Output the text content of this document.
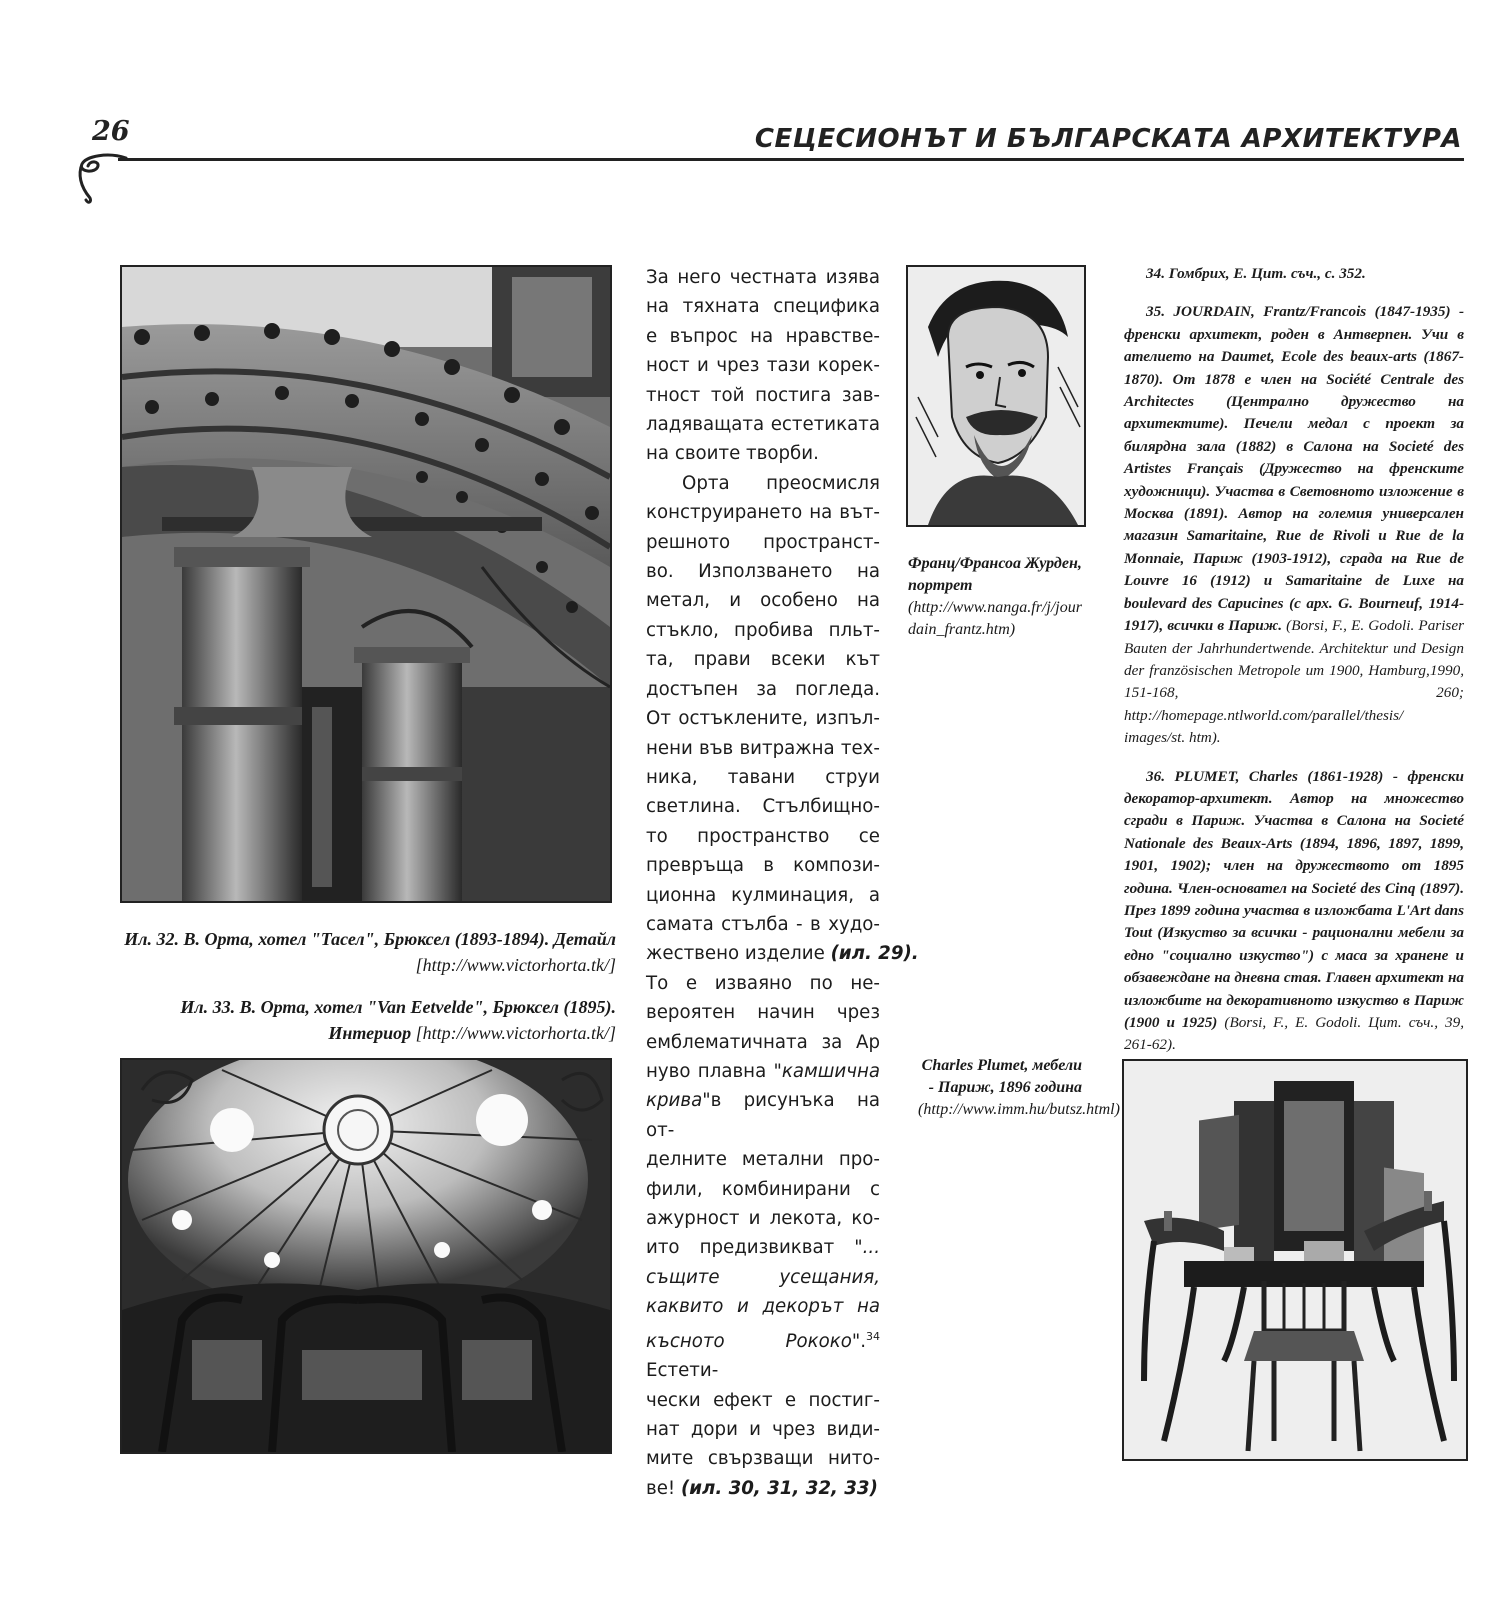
26	СЕЦЕСИОНЪТ И БЪЛГАРСКАТА АРХИТЕКТУРА
Ил. 32. В. Орта, хотел "Тасел", Брюксел (1893-1894). Детайл [http://www.victorhorta.tk/]
Ил. 33. В. Орта, хотел "Van Eetvelde", Брюксел (1895). Интериор [http://www.victorhorta.tk/]

За него честната изява
на тяхната специфика
е въпрос на нравстве-
ност и чрез тази корек-
тност той постига зав-
ладяващата естетиката
на своите творби.

Орта преосмисля
конструирането на вът-
решното пространст-
во. Използването на
метал, и особено на
стъкло, пробива пльт-
та, прави всеки кът
достъпен за погледа.
От остъклените, изпъл-
нени във витражна тех-
ника, тавани струи
светлина. Стълбищно-
то пространство се
превръща в компози-
ционна кулминация, а
самата стълба - в худо-
жествено изделие (ил. 29).
То е изваяно по не-
вероятен начин чрез
емблематичната за Ар
нуво плавна "камшична крива"в рисунъка на от-
делните метални про-
фили, комбинирани с
ажурност и лекота, ко-
ито предизвикват "... същите усещания, каквито и декорът на късното Рококо".$^{34}$ Естети-
чески ефект е постиг-
нат дори и чрез види-
мите свързващи нито-
ве! (ил. 30, 31, 32, 33)

Франц/Франсоа Журден, портрет
(http://www.nanga.fr/j/jourdain_frantz.htm)

34. Гомбрих, Е. Цит. съч., с. 352.

35. JOURDAIN, Frantz/Francois (1847-1935) - френски архитект, роден в Антверпен. Учи в ателиeто на Daumet, Ecole des beaux-arts (1867-1870). От 1878 е член на Société Centrale des Architectes (Централно дружество на архитектите). Печели медал с проект за билярдна зала (1882) в Салона на Societé des Artistes Français (Дружество на френските художници). Участва в Световното изложение в Москва (1891). Автор на големия универсален магазин Samaritaine, Rue de Rivoli и Rue de la Monnaie, Париж (1903-1912), сграда на Rue de Louvre 16 (1912) и Samaritaine de Luxe на boulevard des Capucines (с арх. G. Bourneuf, 1914-1917), всички в Париж. (Borsi, F., E. Godoli. Pariser Bauten der Jahrhundertwende. Architektur und Design der französischen Metropole um 1900, Hamburg,1990, 151-168, 260; http://homepage.ntlworld.com/parallel/thesis/ images/st. htm).

36. PLUMET, Charles (1861-1928) - френски декоратор-архитект. Автор на множество сгради в Париж. Участва в Салона на Societé Nationale des Beaux-Arts (1894, 1896, 1897, 1899, 1901, 1902); член на дружеството от 1895 година. Член-основател на Societé des Cinq (1897). През 1899 година участва в изложбата L'Art dans Tout (Изкуство за всички - рационални мебели за едно "социално изкуство") с маса за хранене и обзавеждане на дневна стая. Главен архитект на изложбите на декоративното изкуство в Париж (1900 и 1925) (Borsi, F., E. Godoli. Цит. съч., 39, 261-62).

Charles Plumet, мебели - Париж, 1896 година
(http://www.imm.hu/butsz.html)
